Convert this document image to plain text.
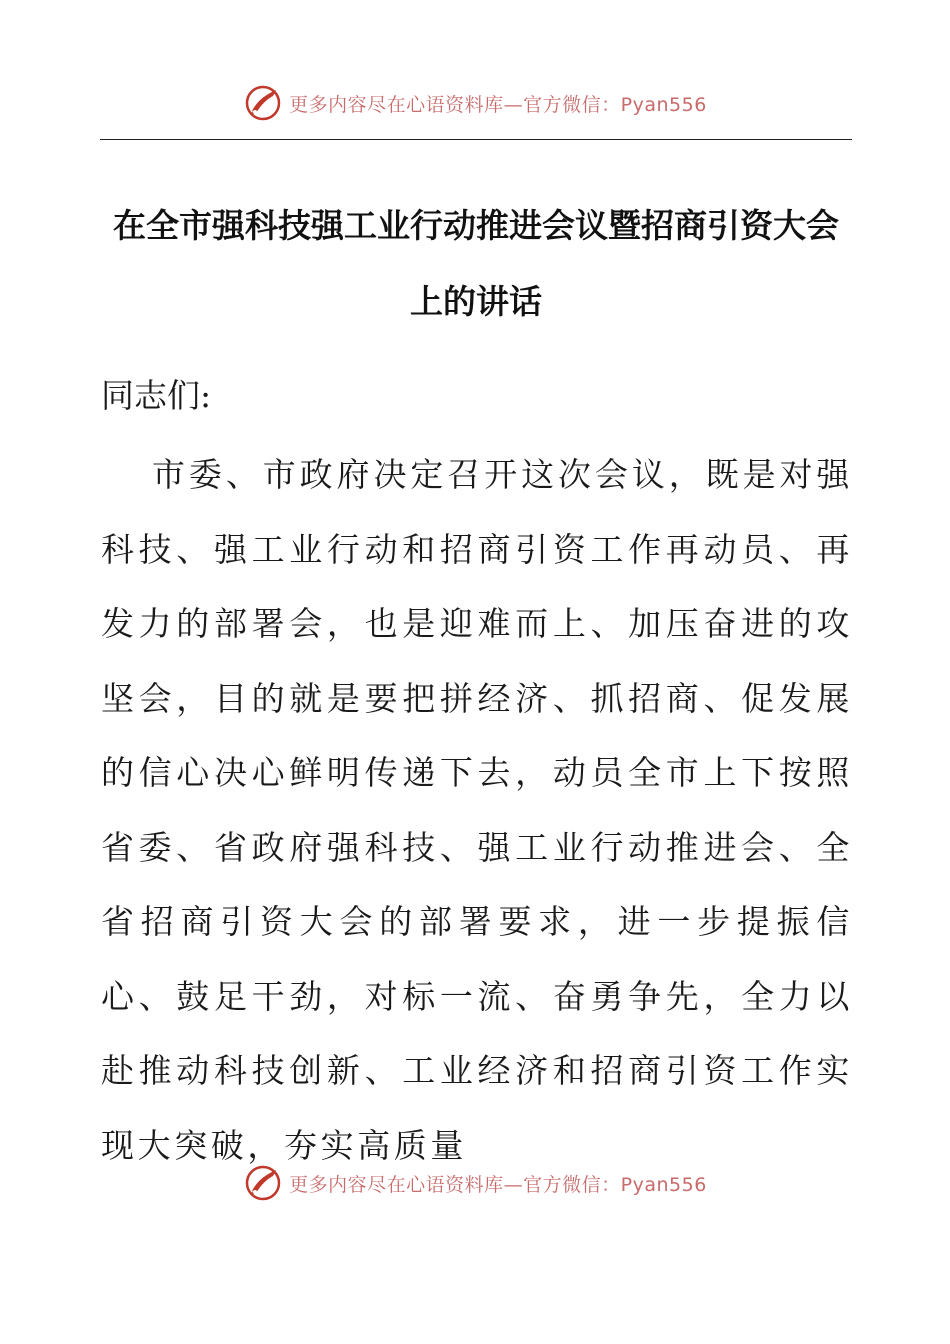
更多内容尽在心语资料库—官方微信：Pyan556
在全市强科技强工业行动推进会议暨招商引资大会上的讲话

同志们:

市委、市政府决定召开这次会议，既是对强科技、强工业行动和招商引资工作再动员、再发力的部署会，也是迎难而上、加压奋进的攻坚会，目的就是要把拼经济、抓招商、促发展的信心决心鲜明传递下去，动员全市上下按照省委、省政府强科技、强工业行动推进会、全省招商引资大会的部署要求，进一步提振信心、鼓足干劲，对标一流、奋勇争先，全力以赴推动科技创新、工业经济和招商引资工作实现大突破，夯实高质量

更多内容尽在心语资料库—官方微信：Pyan556
